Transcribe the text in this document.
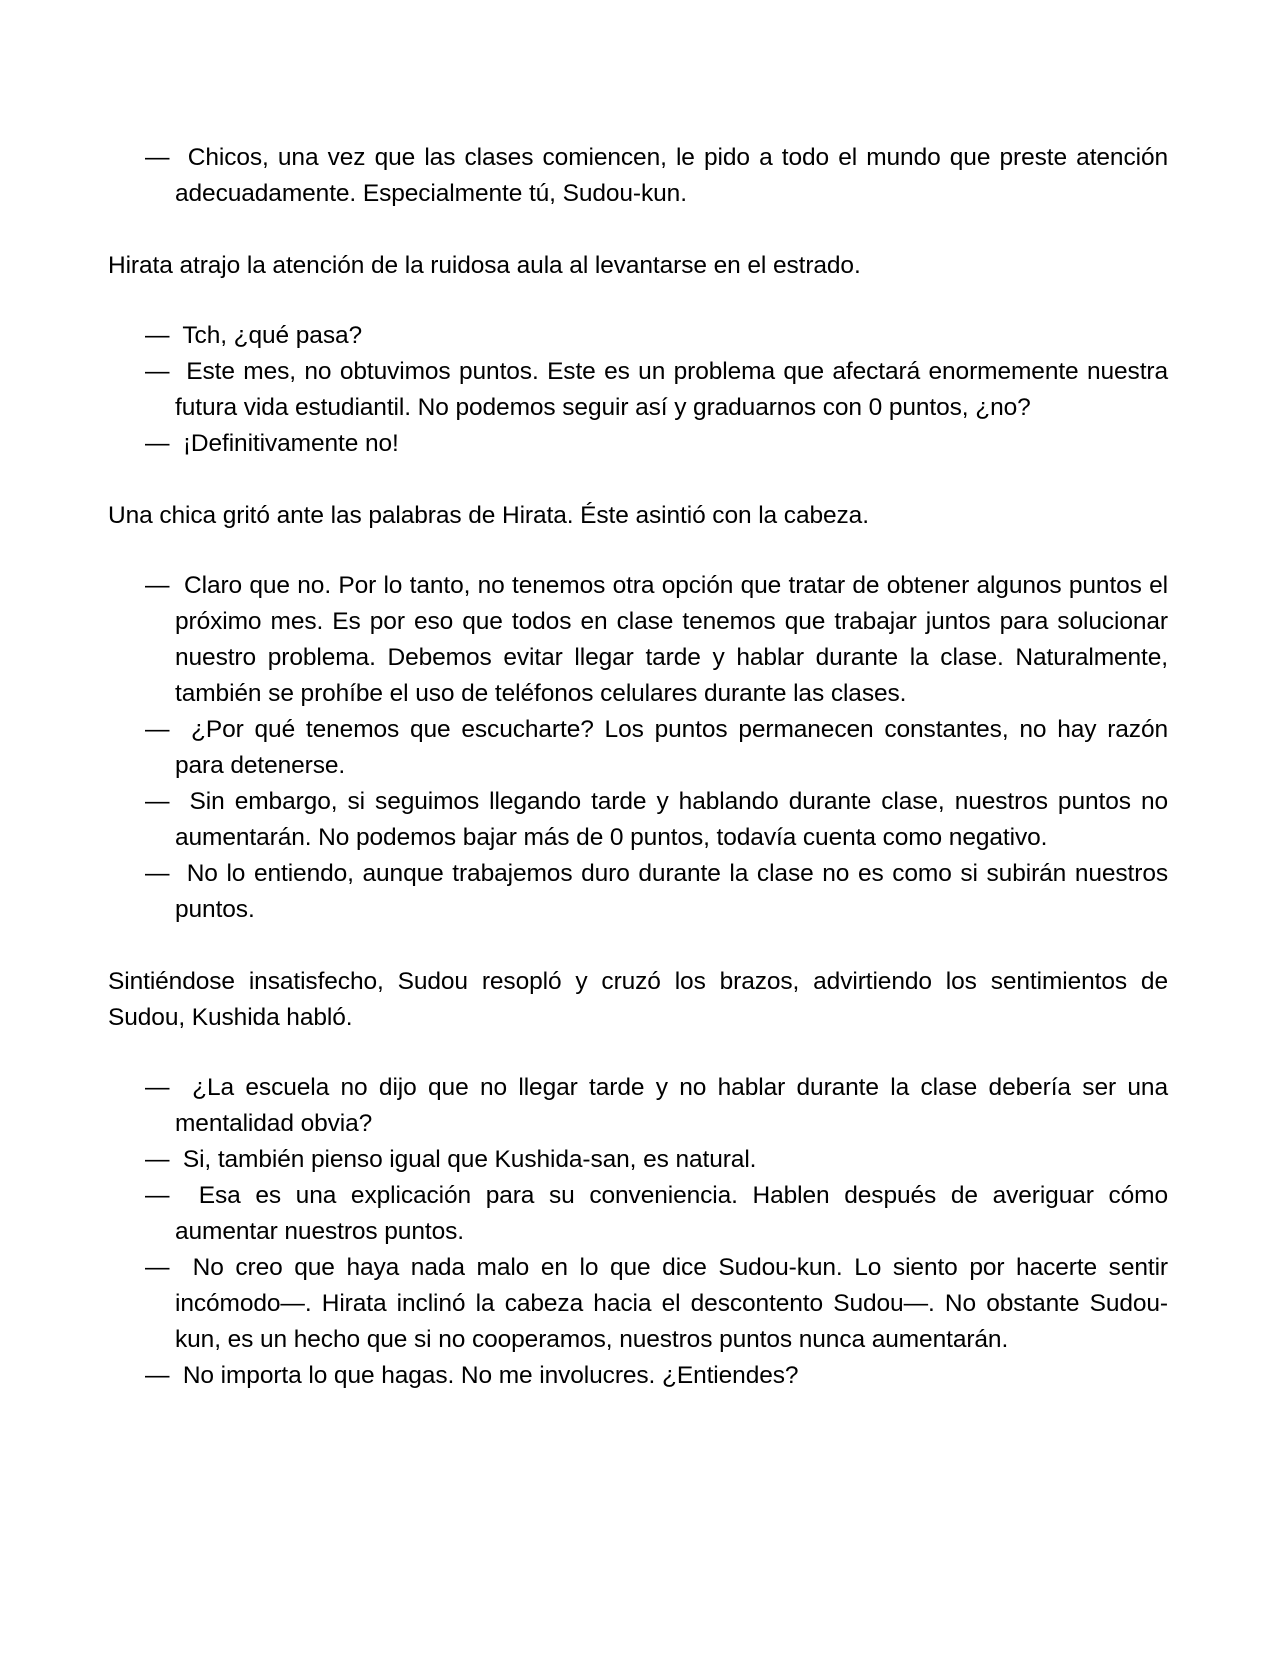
— Chicos, una vez que las clases comiencen, le pido a todo el mundo que preste atención adecuadamente. Especialmente tú, Sudou-kun.

Hirata atrajo la atención de la ruidosa aula al levantarse en el estrado.

— Tch, ¿qué pasa?

— Este mes, no obtuvimos puntos. Este es un problema que afectará enormemente nuestra futura vida estudiantil. No podemos seguir así y graduarnos con 0 puntos, ¿no?

— ¡Definitivamente no!

Una chica gritó ante las palabras de Hirata. Éste asintió con la cabeza.

— Claro que no. Por lo tanto, no tenemos otra opción que tratar de obtener algunos puntos el próximo mes. Es por eso que todos en clase tenemos que trabajar juntos para solucionar nuestro problema. Debemos evitar llegar tarde y hablar durante la clase. Naturalmente, también se prohíbe el uso de teléfonos celulares durante las clases.

— ¿Por qué tenemos que escucharte? Los puntos permanecen constantes, no hay razón para detenerse.

— Sin embargo, si seguimos llegando tarde y hablando durante clase, nuestros puntos no aumentarán. No podemos bajar más de 0 puntos, todavía cuenta como negativo.

— No lo entiendo, aunque trabajemos duro durante la clase no es como si subirán nuestros puntos.

Sintiéndose insatisfecho, Sudou resopló y cruzó los brazos, advirtiendo los sentimientos de Sudou, Kushida habló.

— ¿La escuela no dijo que no llegar tarde y no hablar durante la clase debería ser una mentalidad obvia?

— Si, también pienso igual que Kushida-san, es natural.

— Esa es una explicación para su conveniencia. Hablen después de averiguar cómo aumentar nuestros puntos.

— No creo que haya nada malo en lo que dice Sudou-kun. Lo siento por hacerte sentir incómodo—. Hirata inclinó la cabeza hacia el descontento Sudou—. No obstante Sudou-kun, es un hecho que si no cooperamos, nuestros puntos nunca aumentarán.

— No importa lo que hagas. No me involucres. ¿Entiendes?
